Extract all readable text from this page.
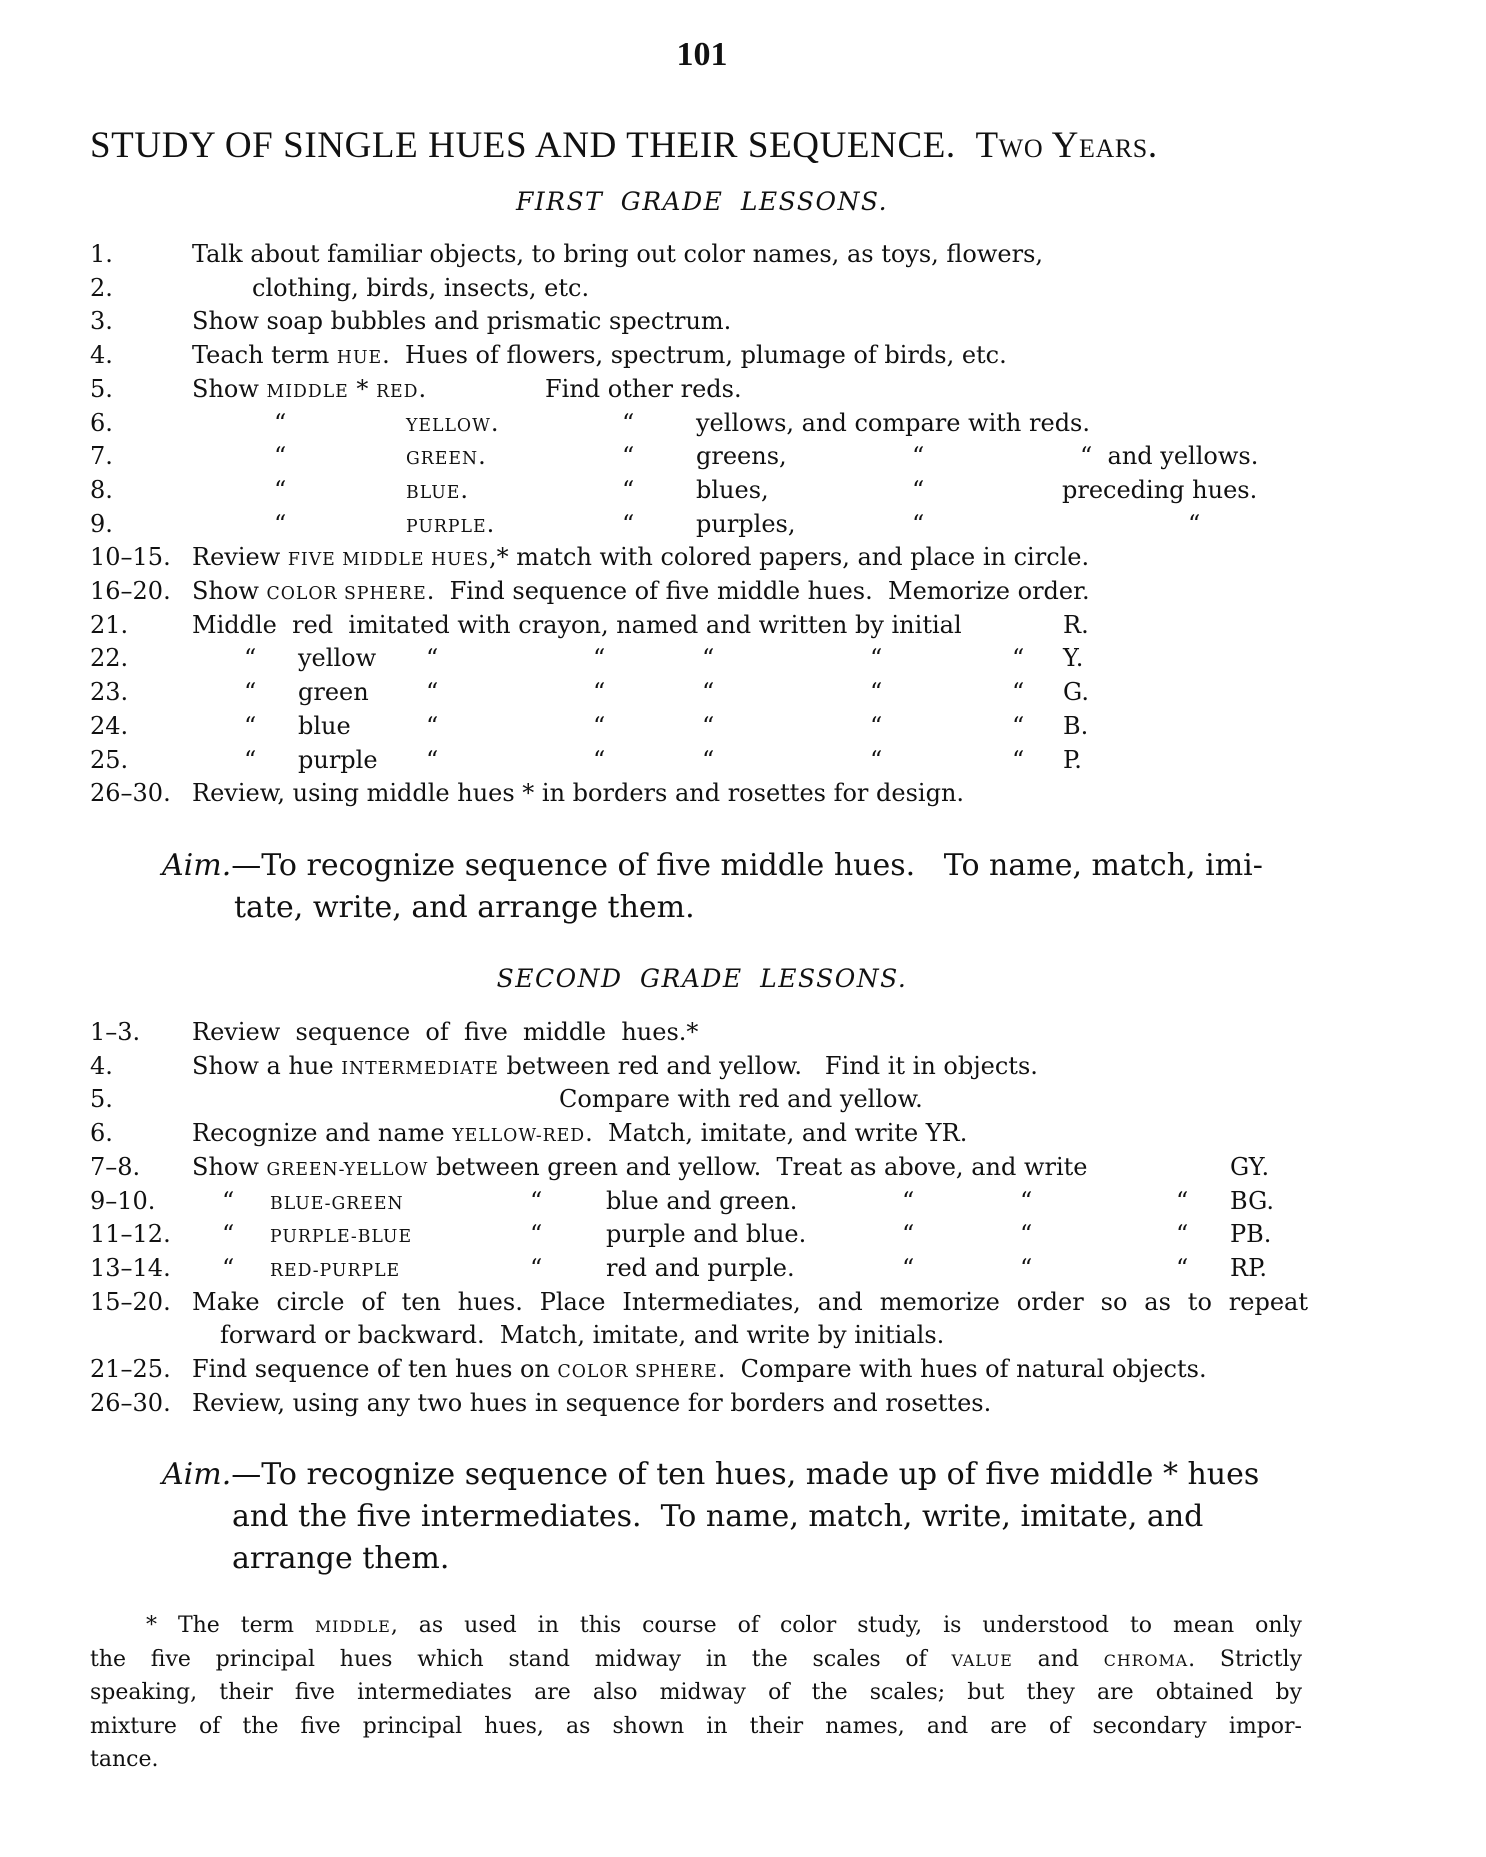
101
STUDY OF SINGLE HUES AND THEIR SEQUENCE. Two Years.
FIRST GRADE LESSONS.
1.	Talk about familiar objects, to bring out color names, as toys, flowers,
2.	clothing, birds, insects, etc.
3.	Show soap bubbles and prismatic spectrum.
4.	Teach term HUE.  Hues of flowers, spectrum, plumage of birds, etc.
5.	Show MIDDLE * RED.	Find other reds.
6.	“	YELLOW.	“	yellows, and compare with reds.
7.	“	GREEN.	“	greens,	“	“  and yellows.
8.	“	BLUE.	“	blues,	“	preceding hues.
9.	“	PURPLE.	“	purples,	“	“
10–15. Review FIVE MIDDLE HUES,* match with colored papers, and place in circle.
16–20. Show COLOR SPHERE.  Find sequence of five middle hues.  Memorize order.
21.	Middle  red  imitated with crayon, named and written by initial	R.
22.	“ yellow “	“	“	“	“ Y.
23.	“ green “	“	“	“	“ G.
24.	“ blue	“	“	“	“	“ B.
25.	“ purple “	“	“	“	“ P.
26–30. Review, using middle hues * in borders and rosettes for design.
Aim.—To recognize sequence of five middle hues.   To name, match, imi-
tate, write, and arrange them.
SECOND GRADE LESSONS.
1–3. Review  sequence  of  five  middle  hues.*
4.	Show a hue INTERMEDIATE between red and yellow.   Find it in objects.
5.	Compare with red and yellow.
6.	Recognize and name YELLOW-RED.  Match, imitate, and write YR.
7–8. Show GREEN-YELLOW between green and yellow.  Treat as above, and write	GY.
9–10.	“ BLUE-GREEN	“	blue and green.	“	“	“ BG.
11–12. “ PURPLE-BLUE	“	purple and blue.	“	“	“ PB.
13–14. “ RED-PURPLE	“	red and purple.	“	“	“ RP.
15–20. Make circle of ten hues. Place Intermediates, and memorize order so as to repeat
forward or backward.  Match, imitate, and write by initials.
21–25. Find sequence of ten hues on COLOR SPHERE.  Compare with hues of natural objects.
26–30. Review, using any two hues in sequence for borders and rosettes.
Aim.—To recognize sequence of ten hues, made up of five middle * hues
and the five intermediates.  To name, match, write, imitate, and
arrange them.
* The term MIDDLE, as used in this course of color study, is understood to mean only
the five principal hues which stand midway in the scales of VALUE and CHROMA. Strictly
speaking, their five intermediates are also midway of the scales; but they are obtained by
mixture of the five principal hues, as shown in their names, and are of secondary impor-
tance.
